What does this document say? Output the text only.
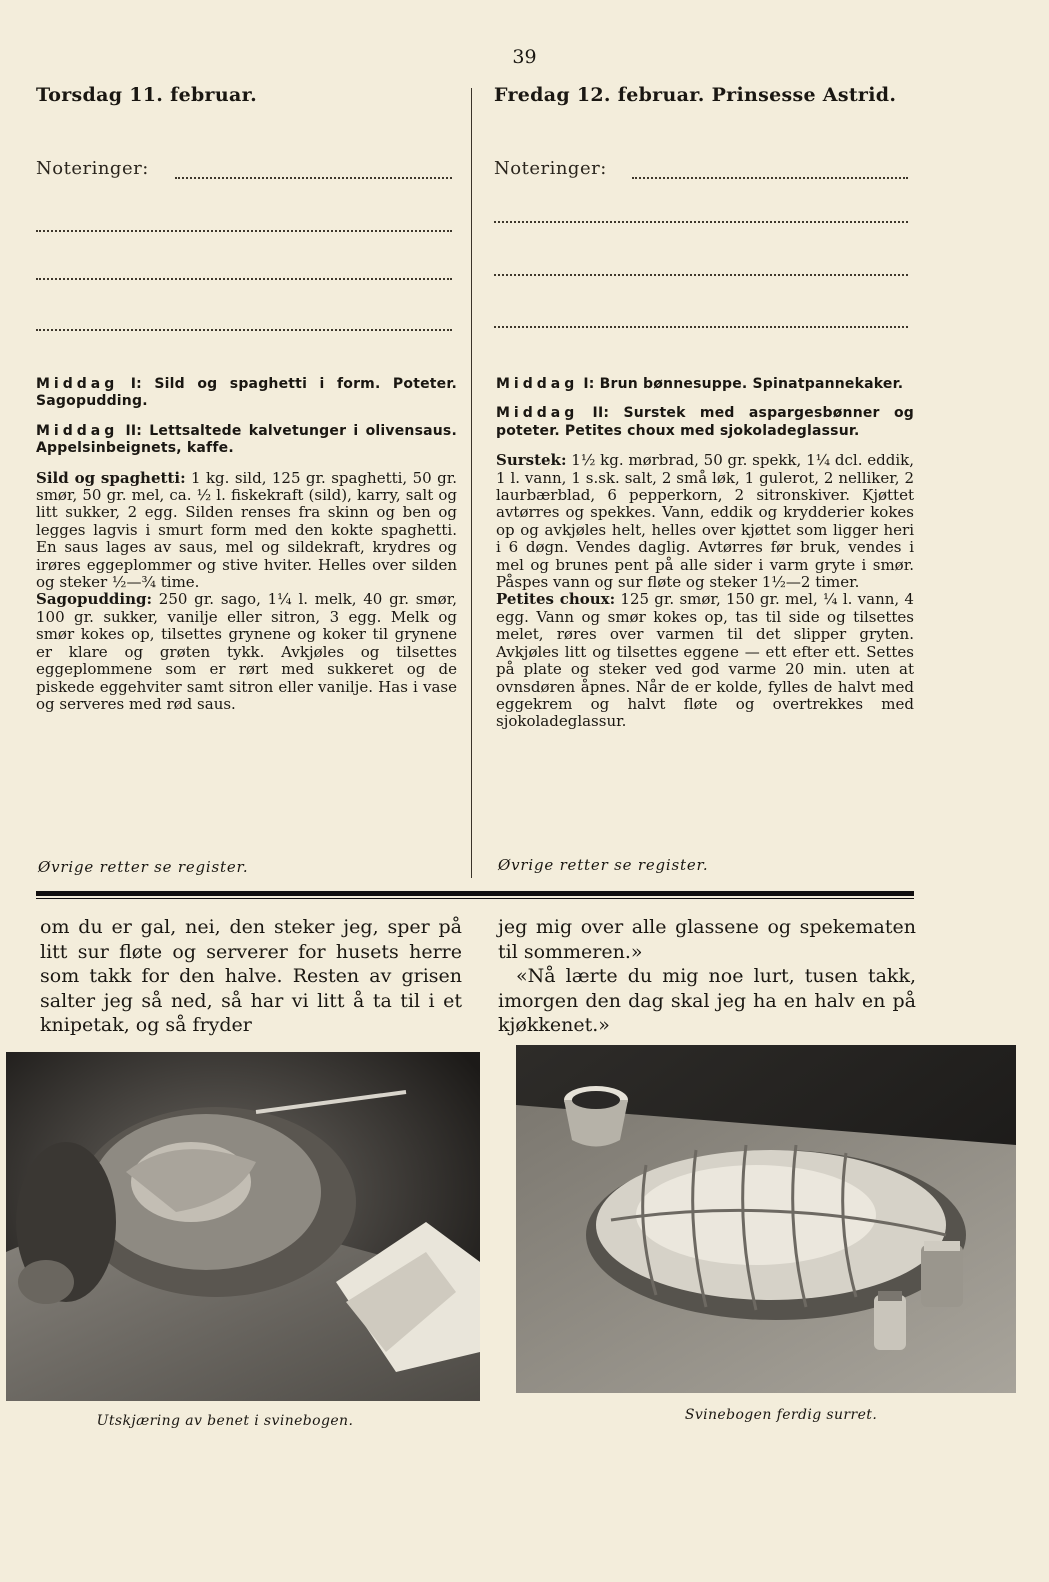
39
Torsdag 11. februar.	Fredag 12. februar. Prinsesse Astrid.
Noteringer:	Noteringer:

Middag I: Sild og spaghetti i form. Poteter. Sagopudding.

Middag II: Lettsaltede kalvetunger i olivensaus. Appelsinbeignets, kaffe.

Sild og spaghetti: 1 kg. sild, 125 gr. spaghetti, 50 gr. smør, 50 gr. mel, ca. ½ l. fiskekraft (sild), karry, salt og litt sukker, 2 egg. Silden renses fra skinn og ben og legges lagvis i smurt form med den kokte spaghetti. En saus lages av saus, mel og sildekraft, krydres og irøres eggeplommer og stive hviter. Helles over silden og steker ½—¾ time.

Sagopudding: 250 gr. sago, 1¼ l. melk, 40 gr. smør, 100 gr. sukker, vanilje eller sitron, 3 egg. Melk og smør kokes op, tilsettes grynene og koker til grynene er klare og grøten tykk. Avkjøles og tilsettes eggeplommene som er rørt med sukkeret og de piskede eggehviter samt sitron eller vanilje. Has i vase og serveres med rød saus.

Øvrige retter se register.

Middag I: Brun bønnesuppe. Spinatpannekaker.

Middag II: Surstek med aspargesbønner og poteter. Petites choux med sjokoladeglassur.

Surstek: 1½ kg. mørbrad, 50 gr. spekk, 1¼ dcl. eddik, 1 l. vann, 1 s.sk. salt, 2 små løk, 1 gulerot, 2 nelliker, 2 laurbærblad, 6 pepperkorn, 2 sitronskiver. Kjøttet avtørres og spekkes. Vann, eddik og krydderier kokes op og avkjøles helt, helles over kjøttet som ligger heri i 6 døgn. Vendes daglig. Avtørres før bruk, vendes i mel og brunes pent på alle sider i varm gryte i smør. Påspes vann og sur fløte og steker 1½—2 timer.

Petites choux: 125 gr. smør, 150 gr. mel, ¼ l. vann, 4 egg. Vann og smør kokes op, tas til side og tilsettes melet, røres over varmen til det slipper gryten. Avkjøles litt og tilsettes eggene — ett efter ett. Settes på plate og steker ved god varme 20 min. uten at ovnsdøren åpnes. Når de er kolde, fylles de halvt med eggekrem og halvt fløte og overtrekkes med sjokoladeglassur.

Øvrige retter se register.

om du er gal, nei, den steker jeg, sper på litt sur fløte og serverer for husets herre som takk for den halve. Resten av grisen salter jeg så ned, så har vi litt å ta til i et knipetak, og så fryder

jeg mig over alle glassene og spekematen til sommeren.»

«Nå lærte du mig noe lurt, tusen takk, imorgen den dag skal jeg ha en halv en på kjøkkenet.»

Utskjæring av benet i svinebogen.	Svinebogen ferdig surret.
